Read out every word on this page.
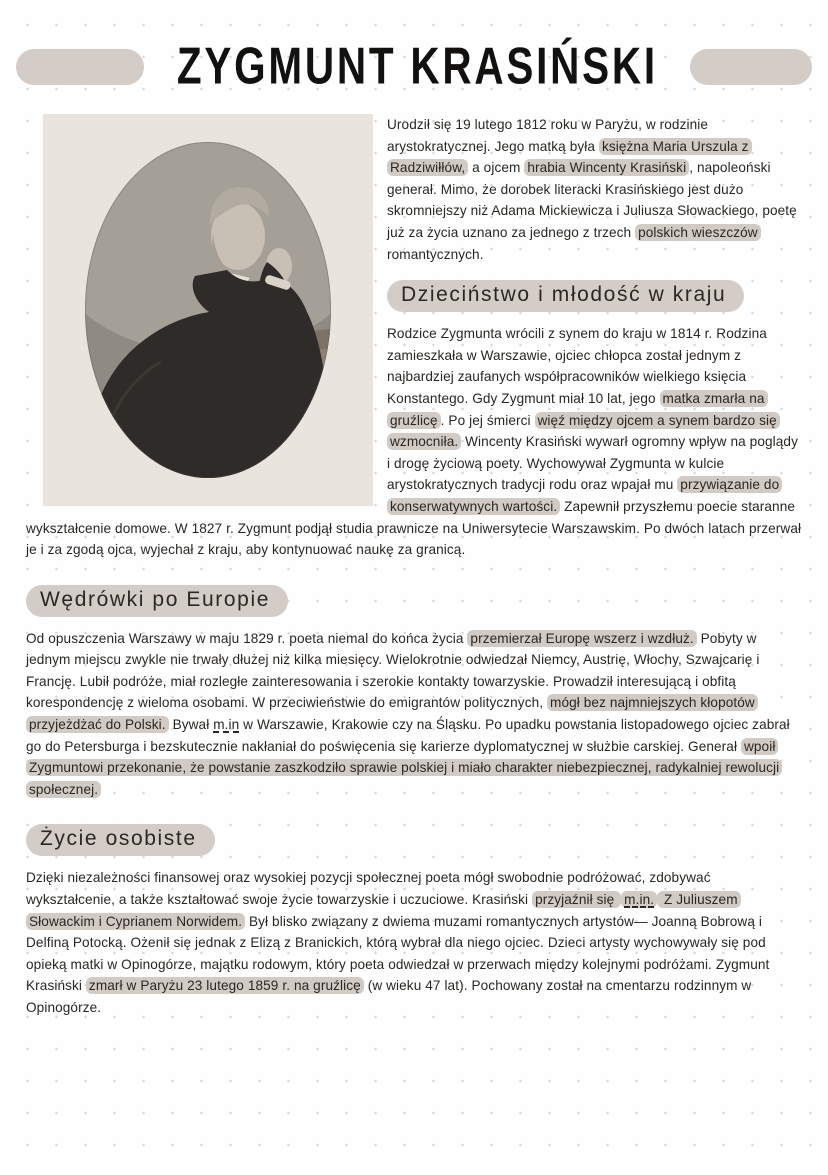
ZYGMUNT KRASIŃSKI

Urodził się 19 lutego 1812 roku w Paryżu, w rodzinie arystokratycznej. Jego matką była księżna Maria Urszula z Radziwiłłów, a ojcem hrabia Wincenty Krasiński , napoleoński generał. Mimo, że dorobek literacki Krasińskiego jest dużo skromniejszy niż Adama Mickiewicza i Juliusza Słowackiego, poetę już za życia uznano za jednego z trzech polskich wieszczów romantycznych.

Dzieciństwo i młodość w kraju

Rodzice Zygmunta wrócili z synem do kraju w 1814 r. Rodzina zamieszkała w Warszawie, ojciec chłopca został jednym z najbardziej zaufanych współpracowników wielkiego księcia Konstantego. Gdy Zygmunt miał 10 lat, jego matka zmarła na gruźlicę . Po jej śmierci więź między ojcem a synem bardzo się wzmocniła. Wincenty Krasiński wywarł ogromny wpływ na poglądy i drogę życiową poety. Wychowywał Zygmunta w kulcie arystokratycznych tradycji rodu oraz wpajał mu przywiązanie do konserwatywnych wartości. Zapewnił przyszłemu poecie staranne wykształcenie domowe. W 1827 r. Zygmunt podjął studia prawnicze na Uniwersytecie Warszawskim. Po dwóch latach przerwał je i za zgodą ojca, wyjechał z kraju, aby kontynuować naukę za granicą.

Wędrówki po Europie

Od opuszczenia Warszawy w maju 1829 r. poeta niemal do końca życia przemierzał Europę wszerz i wzdłuż. Pobyty w jednym miejscu zwykle nie trwały dłużej niż kilka miesięcy. Wielokrotnie odwiedzał Niemcy, Austrię, Włochy, Szwajcarię i Francję. Lubił podróże, miał rozległe zainteresowania i szerokie kontakty towarzyskie. Prowadził interesującą i obfitą korespondencję z wieloma osobami. W przeciwieństwie do emigrantów politycznych, mógł bez najmniejszych kłopotów przyjeżdżać do Polski. Bywał m.in w Warszawie, Krakowie czy na Śląsku. Po upadku powstania listopadowego ojciec zabrał go do Petersburga i bezskutecznie nakłaniał do poświęcenia się karierze dyplomatycznej w służbie carskiej. Generał wpoił Zygmuntowi przekonanie, że powstanie zaszkodziło sprawie polskiej i miało charakter niebezpiecznej, radykalniej rewolucji społecznej.

Życie osobiste

Dzięki niezależności finansowej oraz wysokiej pozycji społecznej poeta mógł swobodnie podróżować, zdobywać wykształcenie, a także kształtować swoje życie towarzyskie i uczuciowe. Krasiński przyjaźnił się m.in. Z Juliuszem Słowackim i Cyprianem Norwidem. Był blisko związany z dwiema muzami romantycznych artystów— Joanną Bobrową i Delfiną Potocką. Ożenił się jednak z Elizą z Branickich, którą wybrał dla niego ojciec. Dzieci artysty wychowywały się pod opieką matki w Opinogórze, majątku rodowym, który poeta odwiedzał w przerwach między kolejnymi podróżami. Zygmunt Krasiński zmarł w Paryżu 23 lutego 1859 r. na gruźlicę (w wieku 47 lat). Pochowany został na cmentarzu rodzinnym w Opinogórze.
